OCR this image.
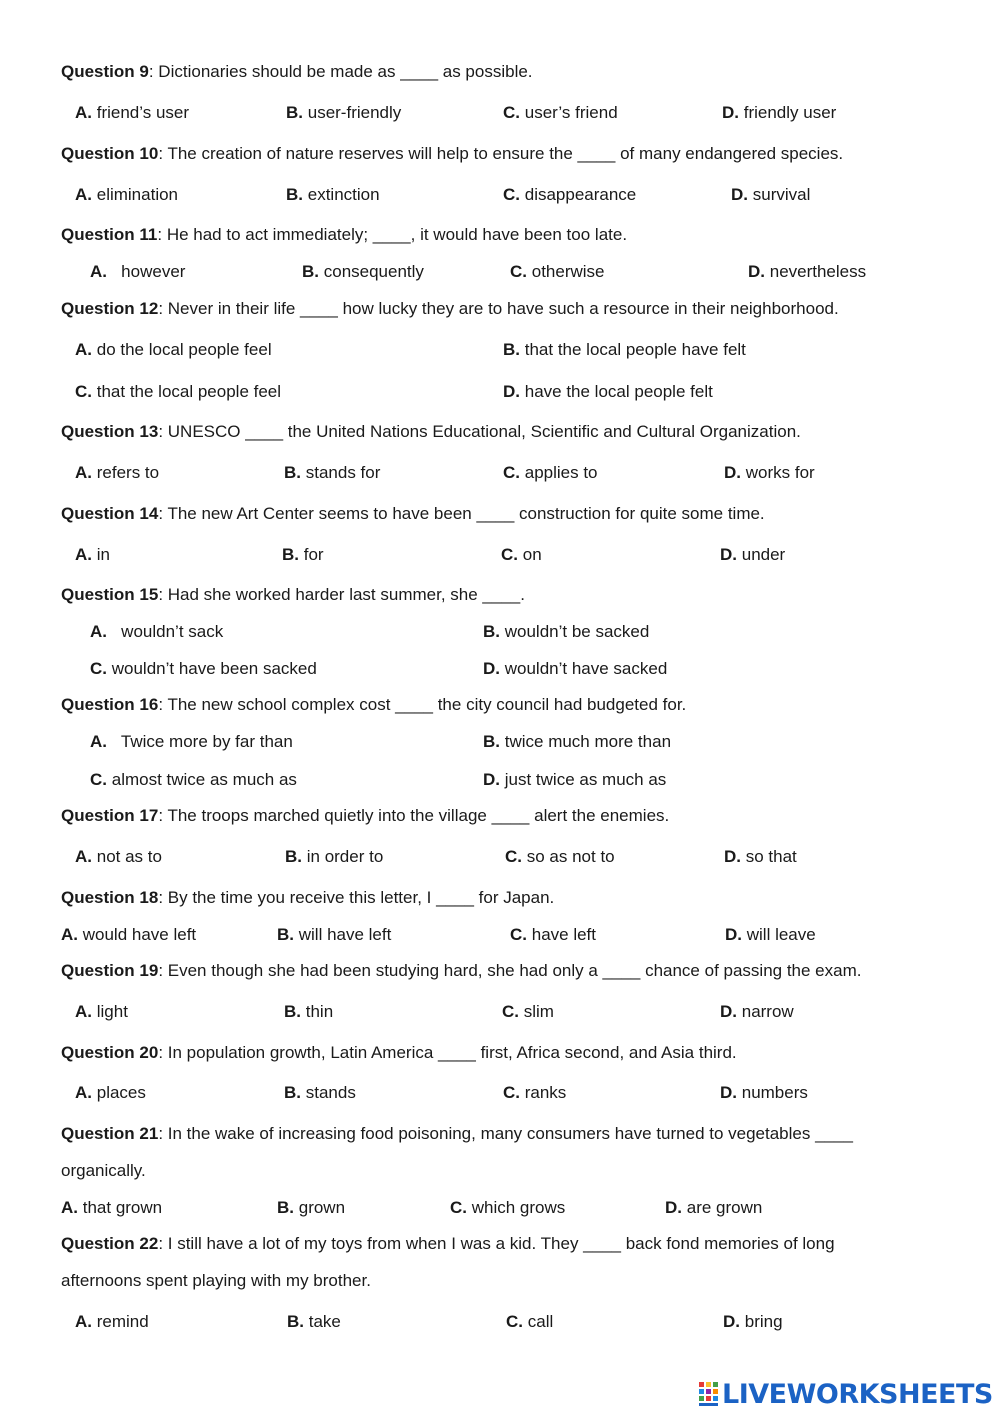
Question 9: Dictionaries should be made as ____ as possible.
A. friend’s user	B. user-friendly	C. user’s friend	D. friendly user
Question 10: The creation of nature reserves will help to ensure the ____ of many endangered species.
A. elimination	B. extinction	C. disappearance	D. survival
Question 11: He had to act immediately; ____, it would have been too late.
A. however	B. consequently	C. otherwise	D. nevertheless
Question 12: Never in their life ____ how lucky they are to have such a resource in their neighborhood.
A. do the local people feel	B. that the local people have felt
C. that the local people feel	D. have the local people felt
Question 13: UNESCO ____ the United Nations Educational, Scientific and Cultural Organization.
A. refers to	B. stands for	C. applies to	D. works for
Question 14: The new Art Center seems to have been ____ construction for quite some time.
A. in	B. for	C. on	D. under
Question 15: Had she worked harder last summer, she ____.
A. wouldn’t sack	B. wouldn’t be sacked
C. wouldn’t have been sacked	D. wouldn’t have sacked
Question 16: The new school complex cost ____ the city council had budgeted for.
A. Twice more by far than	B. twice much more than
C. almost twice as much as	D. just twice as much as
Question 17: The troops marched quietly into the village ____ alert the enemies.
A. not as to	B. in order to	C. so as not to	D. so that
Question 18: By the time you receive this letter, I ____ for Japan.
A. would have left	B. will have left	C. have left	D. will leave
Question 19: Even though she had been studying hard, she had only a ____ chance of passing the exam.
A. light	B. thin	C. slim	D. narrow
Question 20: In population growth, Latin America ____ first, Africa second, and Asia third.
A. places	B. stands	C. ranks	D. numbers
Question 21: In the wake of increasing food poisoning, many consumers have turned to vegetables ____
organically.
A. that grown	B. grown	C. which grows	D. are grown
Question 22: I still have a lot of my toys from when I was a kid. They ____ back fond memories of long
afternoons spent playing with my brother.
A. remind	B. take	C. call	D. bring
LIVEWORKSHEETS
